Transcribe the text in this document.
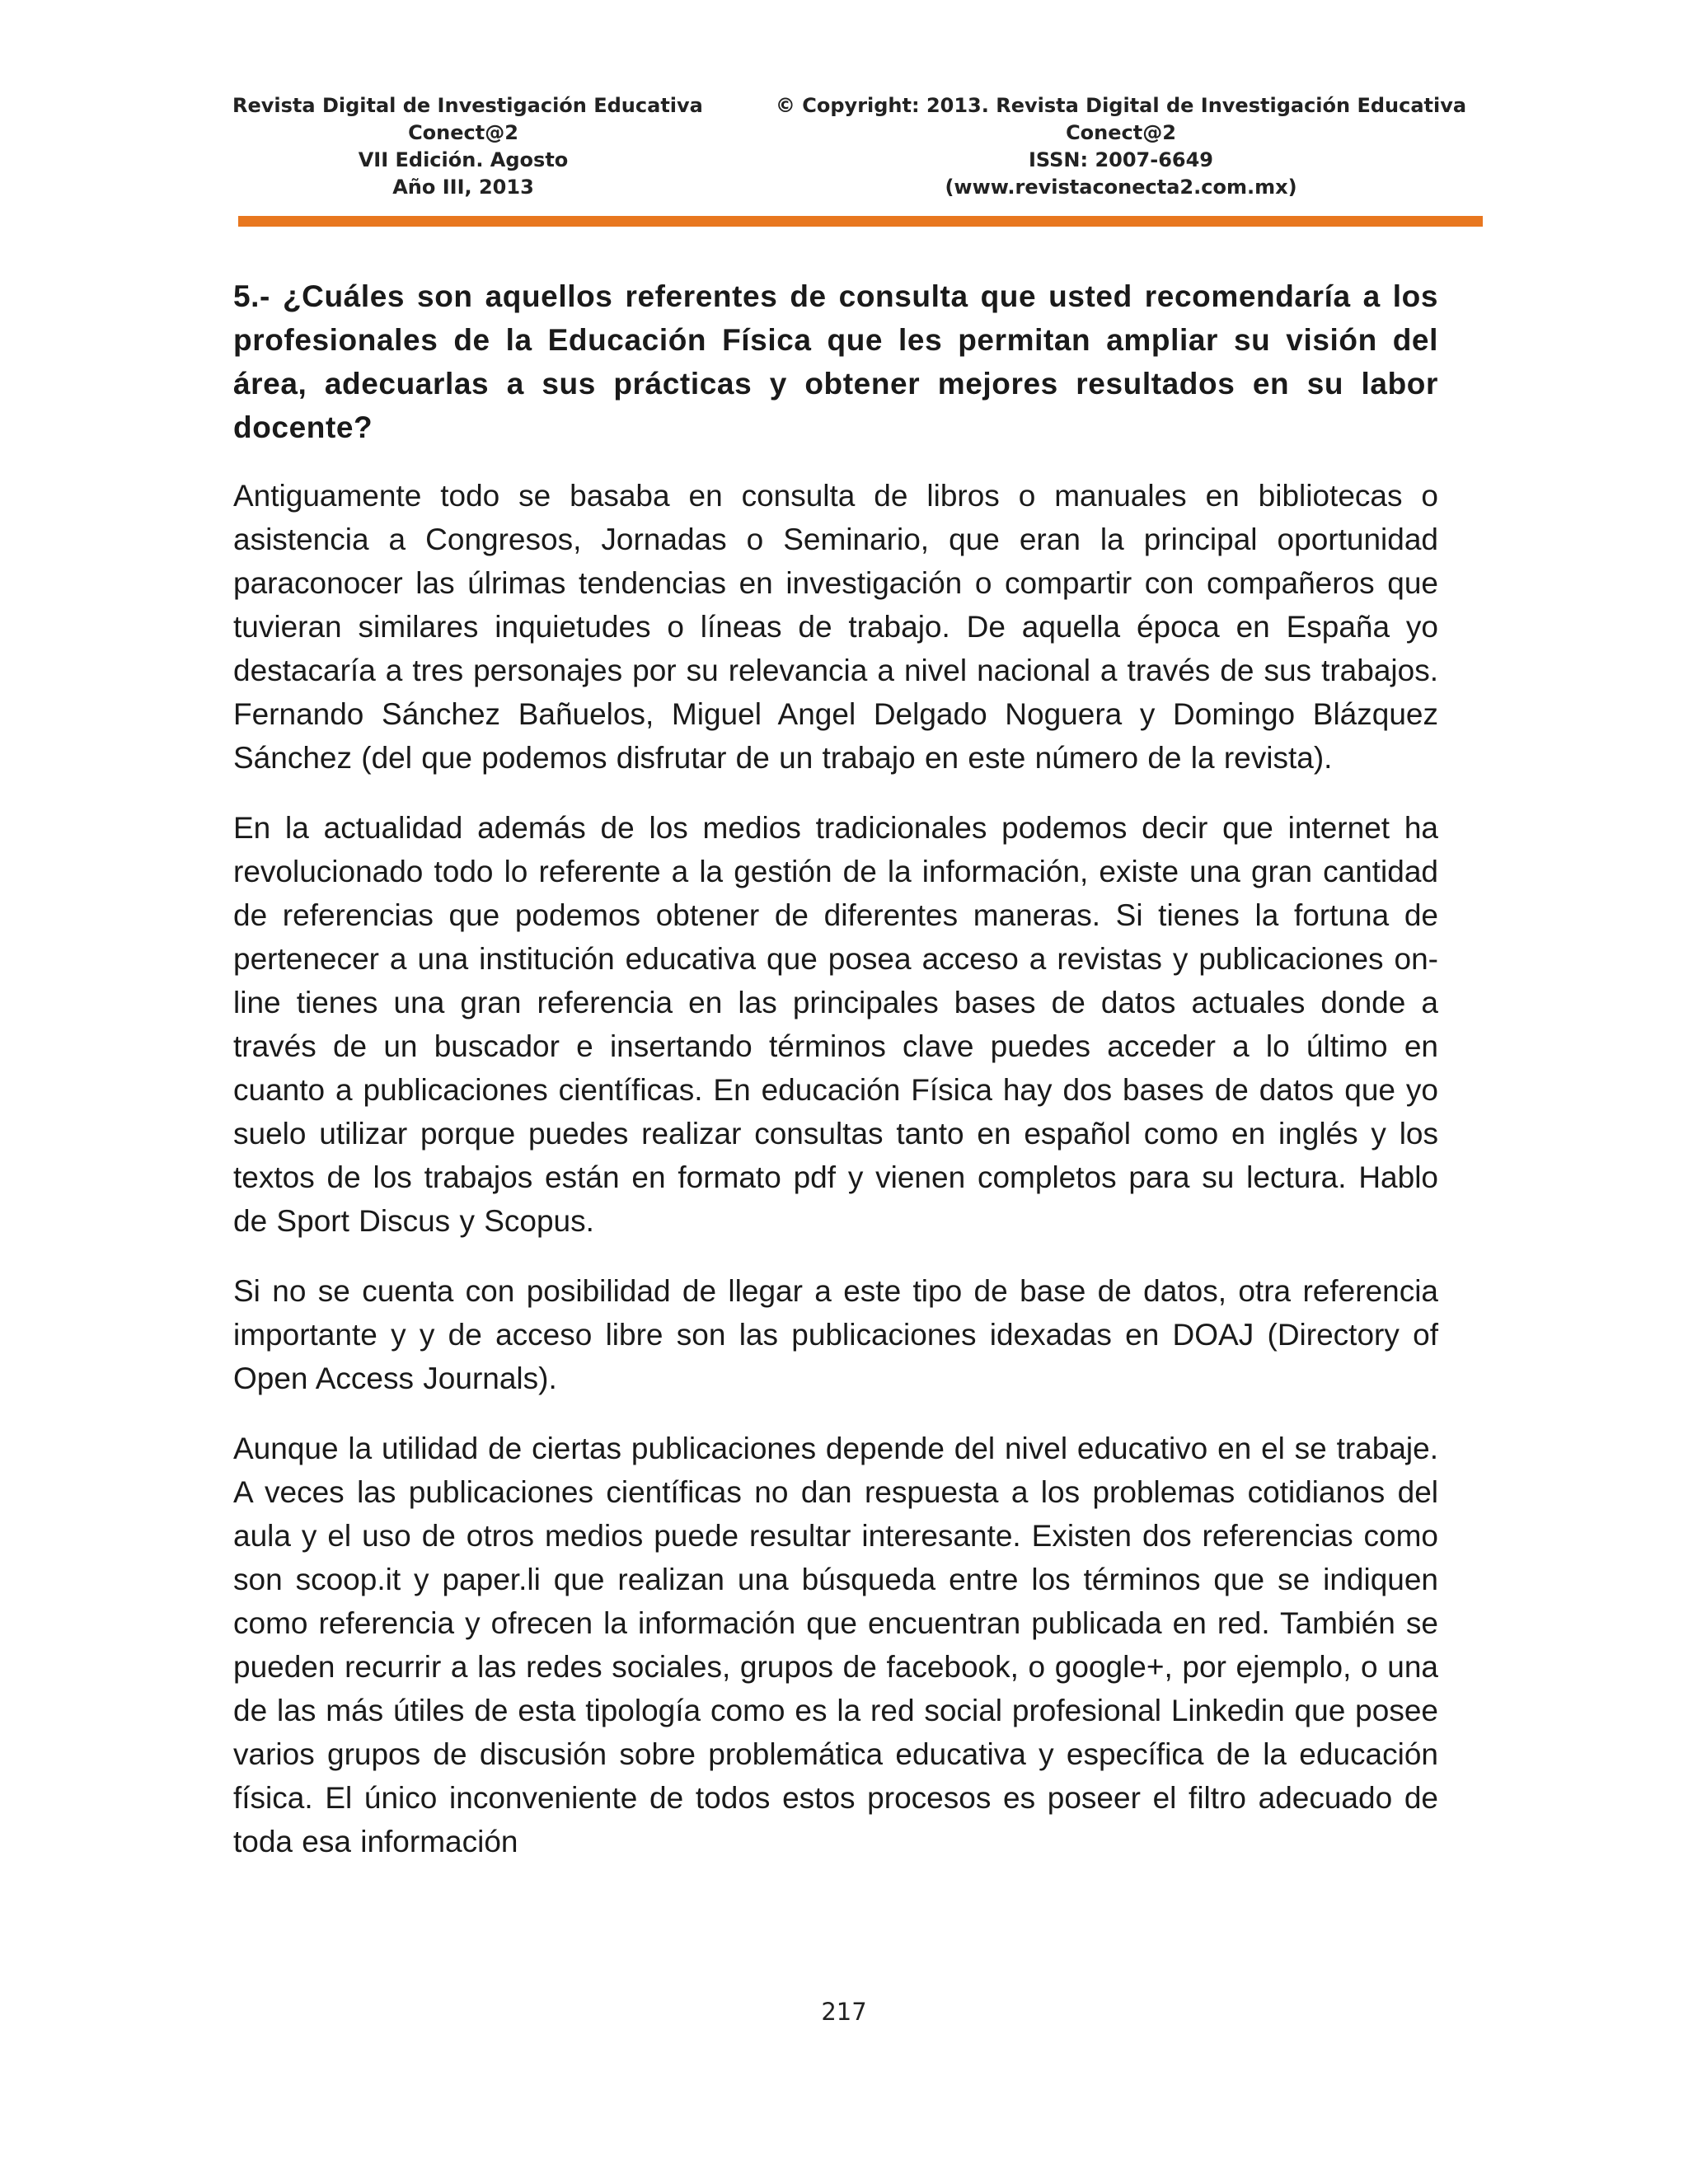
Revista Digital de Investigación Educativa
Conect@2
VII Edición. Agosto
Año III, 2013
© Copyright: 2013. Revista Digital de Investigación Educativa
Conect@2
ISSN: 2007-6649
(www.revistaconecta2.com.mx)

5.- ¿Cuáles son aquellos referentes de consulta que usted recomendaría a los profesionales de la Educación Física que les permitan ampliar su visión del área, adecuarlas a sus prácticas y obtener mejores resultados en su labor docente?

Antiguamente todo se basaba en consulta de libros o manuales en bibliotecas o asistencia a Congresos, Jornadas o Seminario, que eran la principal oportunidad paraconocer las úlrimas tendencias en investigación o compartir con compañeros que tuvieran similares inquietudes o líneas de trabajo. De aquella época en España yo destacaría a tres personajes por su relevancia a nivel nacional a través de sus trabajos. Fernando Sánchez Bañuelos, Miguel Angel Delgado Noguera y Domingo Blázquez Sánchez (del que podemos disfrutar de un trabajo en este número de la revista).

En la actualidad además de los medios tradicionales podemos decir que internet ha revolucionado todo lo referente a la gestión de la información, existe una gran cantidad de referencias que podemos obtener de diferentes maneras. Si tienes la fortuna de pertenecer a una institución educativa que posea acceso a revistas y publicaciones on-line tienes una gran referencia en las principales bases de datos actuales donde a través de un buscador e insertando términos clave puedes acceder a lo último en cuanto a publicaciones científicas. En educación Física hay dos bases de datos que yo suelo utilizar porque puedes realizar consultas tanto en español como en inglés y los textos de los trabajos están en formato pdf y vienen completos para su lectura. Hablo de Sport Discus y Scopus.

Si no se cuenta con posibilidad de llegar a este tipo de base de datos, otra referencia importante y y de acceso libre son las publicaciones idexadas en DOAJ (Directory of Open Access Journals).

Aunque la utilidad de ciertas publicaciones depende del nivel educativo en el se trabaje. A veces las publicaciones científicas no dan respuesta a los problemas cotidianos del aula y el uso de otros medios puede resultar interesante. Existen dos referencias como son scoop.it y paper.li que realizan una búsqueda entre los términos que se indiquen como referencia y ofrecen la información que encuentran publicada en red. También se pueden recurrir a las redes sociales, grupos de facebook, o google+, por ejemplo, o una de las más útiles de esta tipología como es la red social profesional Linkedin que posee varios grupos de discusión sobre problemática educativa y específica de la educación física. El único inconveniente de todos estos procesos es poseer el filtro adecuado de toda esa información

217
